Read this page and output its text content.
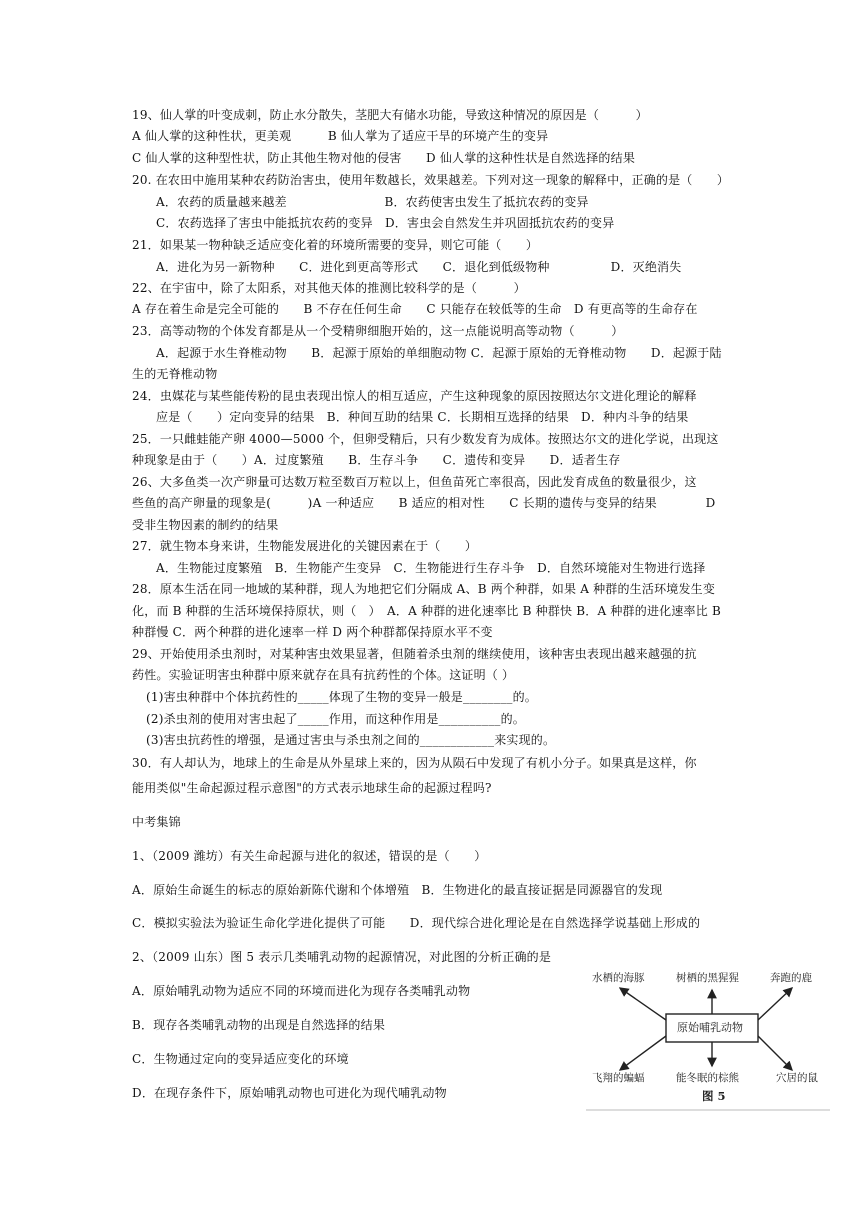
19、仙人掌的叶变成刺，防止水分散失，茎肥大有储水功能，导致这种情况的原因是（　　　）
A 仙人掌的这种性状，更美观　　　B 仙人掌为了适应干旱的环境产生的变异
C 仙人掌的这种型性状，防止其他生物对他的侵害　　D 仙人掌的这种性状是自然选择的结果
20. 在农田中施用某种农药防治害虫，使用年数越长，效果越差。下列对这一现象的解释中，正确的是（　　）
A．农药的质量越来越差　　　　　　　　B．农药使害虫发生了抵抗农药的变异
C．农药选择了害虫中能抵抗农药的变异　D．害虫会自然发生并巩固抵抗农药的变异
21．如果某一物种缺乏适应变化着的环境所需要的变异，则它可能（　　）
A．进化为另一新物种　　C．进化到更高等形式　　C．退化到低级物种　　　　　D．灭绝消失
22、在宇宙中，除了太阳系，对其他天体的推测比较科学的是（　　　）
A 存在着生命是完全可能的　　B 不存在任何生命　　C 只能存在较低等的生命　D 有更高等的生命存在
23．高等动物的个体发育都是从一个受精卵细胞开始的，这一点能说明高等动物（　　　）
A．起源于水生脊椎动物　　B．起源于原始的单细胞动物 C．起源于原始的无脊椎动物　　D．起源于陆
生的无脊椎动物
24．虫媒花与某些能传粉的昆虫表现出惊人的相互适应，产生这种现象的原因按照达尔文进化理论的解释
应是（　　）定向变异的结果　B．种间互助的结果 C．长期相互选择的结果　D．种内斗争的结果
25．一只雌蛙能产卵 4000—5000 个，但卵受精后，只有少数发育为成体。按照达尔文的进化学说，出现这
种现象是由于（　　）A．过度繁殖　　B．生存斗争　　C．遗传和变异　　D．适者生存
26、大多鱼类一次产卵量可达数万粒至数百万粒以上，但鱼苗死亡率很高，因此发育成鱼的数量很少，这
些鱼的高产卵量的现象是(　　　)A 一种适应　　B 适应的相对性　　C 长期的遗传与变异的结果　　　　D
受非生物因素的制约的结果
27．就生物本身来讲，生物能发展进化的关键因素在于（　　）
A．生物能过度繁殖　B．生物能产生变异　C．生物能进行生存斗争　D．自然环境能对生物进行选择
28．原本生活在同一地域的某种群，现人为地把它们分隔成 A、B 两个种群，如果 A 种群的生活环境发生变
化，而 B 种群的生活环境保持原状，则（　）　A．A 种群的进化速率比 B 种群快 B．A 种群的进化速率比 B
种群慢 C．两个种群的进化速率一样 D 两个种群都保持原水平不变
29、开始使用杀虫剂时，对某种害虫效果显著，但随着杀虫剂的继续使用，该种害虫表现出越来越强的抗
药性。实验证明害虫种群中原来就存在具有抗药性的个体。这证明（ ）
(1)害虫种群中个体抗药性的_____体现了生物的变异一般是________的。
(2)杀虫剂的使用对害虫起了_____作用，而这种作用是__________的。
(3)害虫抗药性的增强，是通过害虫与杀虫剂之间的____________来实现的。
30．有人却认为，地球上的生命是从外星球上来的，因为从陨石中发现了有机小分子。如果真是这样，你
能用类似"生命起源过程示意图"的方式表示地球生命的起源过程吗?
中考集锦
1、（2009 潍坊）有关生命起源与进化的叙述，错误的是（　　）
A．原始生命诞生的标志的原始新陈代谢和个体增殖　B．生物进化的最直接证据是同源器官的发现
C．模拟实验法为验证生命化学进化提供了可能　　D．现代综合进化理论是在自然选择学说基础上形成的
2、（2009 山东）图 5 表示几类哺乳动物的起源情况，对此图的分析正确的是
A．原始哺乳动物为适应不同的环境而进化为现存各类哺乳动物
B．现存各类哺乳动物的出现是自然选择的结果
C．生物通过定向的变异适应变化的环境
D．在现存条件下，原始哺乳动物也可进化为现代哺乳动物
原始哺乳动物
水栖的海豚	树栖的黑猩猩	奔跑的鹿
飞翔的蝙蝠	能冬眠的棕熊	穴居的鼠
图 5
